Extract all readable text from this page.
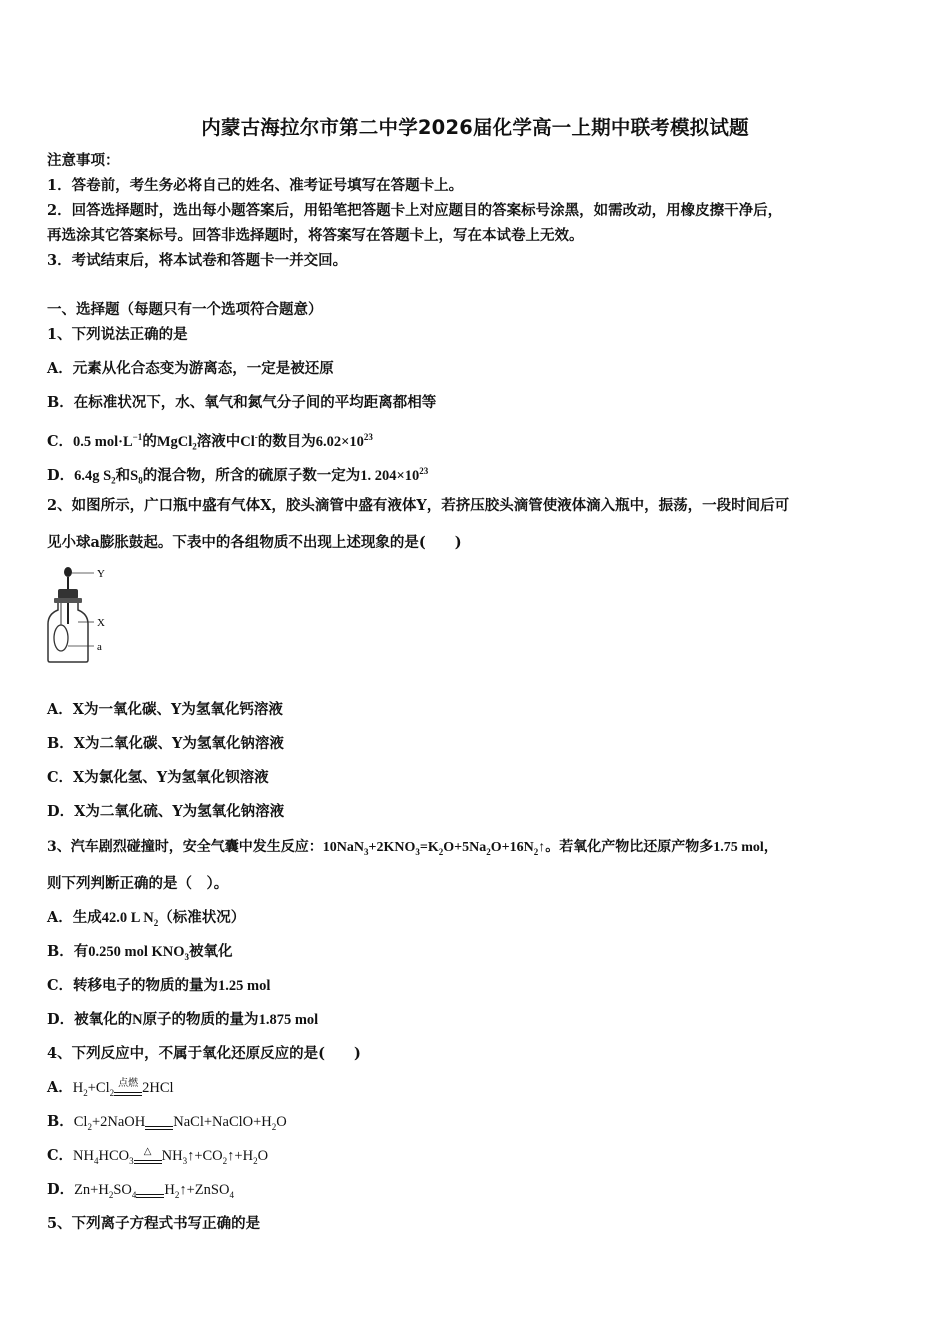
内蒙古海拉尔市第二中学2026届化学高一上期中联考模拟试题
注意事项：
1．答卷前，考生务必将自己的姓名、准考证号填写在答题卡上。
2．回答选择题时，选出每小题答案后，用铅笔把答题卡上对应题目的答案标号涂黑，如需改动，用橡皮擦干净后，
再选涂其它答案标号。回答非选择题时，将答案写在答题卡上，写在本试卷上无效。
3．考试结束后，将本试卷和答题卡一并交回。
一、选择题（每题只有一个选项符合题意）
1、下列说法正确的是
A．元素从化合态变为游离态，一定是被还原
B．在标准状况下，水、氧气和氮气分子间的平均距离都相等
C．0.5 $mol\cdot L^{-1}$的MgCl$_2$溶液中Cl-的数目为$6.02\times 10^{23}$
D．6.4g $S_2$和$S_8$的混合物，所含的硫原子数一定为1. $204\times 10^{23}$
2、如图所示，广口瓶中盛有气体X，胶头滴管中盛有液体Y，若挤压胶头滴管使液体滴入瓶中，振荡，一段时间后可
见小球a膨胀鼓起。下表中的各组物质不出现上述现象的是(　　)
Y
X
a
A．X为一氧化碳、Y为氢氧化钙溶液
B．X为二氧化碳、Y为氢氧化钠溶液
C．X为氯化氢、Y为氢氧化钡溶液
D．X为二氧化硫、Y为氢氧化钠溶液
3、汽车剧烈碰撞时，安全气囊中发生反应：$10NaN_3+2KNO_3=K_2O+5Na_2O+16N_2↑$。若氧化产物比还原产物多1.75 mol，
则下列判断正确的是（　）。
A．生成42.0 L $N_2$（标准状况）
B．有0.250 mol $KNO_3$被氧化
C．转移电子的物质的量为1.25 mol
D．被氧化的N原子的物质的量为1.875 mol
4、下列反应中，不属于氧化还原反应的是(　　)
A．$H_2+Cl_2$
点燃 2HCl
B．$Cl_2+2NaOH$ $NaCl+NaClO+H_2O$
C．$NH_4HCO_3$
△ $NH_3↑+CO_2↑+H_2O$
D．$Zn+H_2SO_4$ $H_2↑+ZnSO_4$
5、下列离子方程式书写正确的是
